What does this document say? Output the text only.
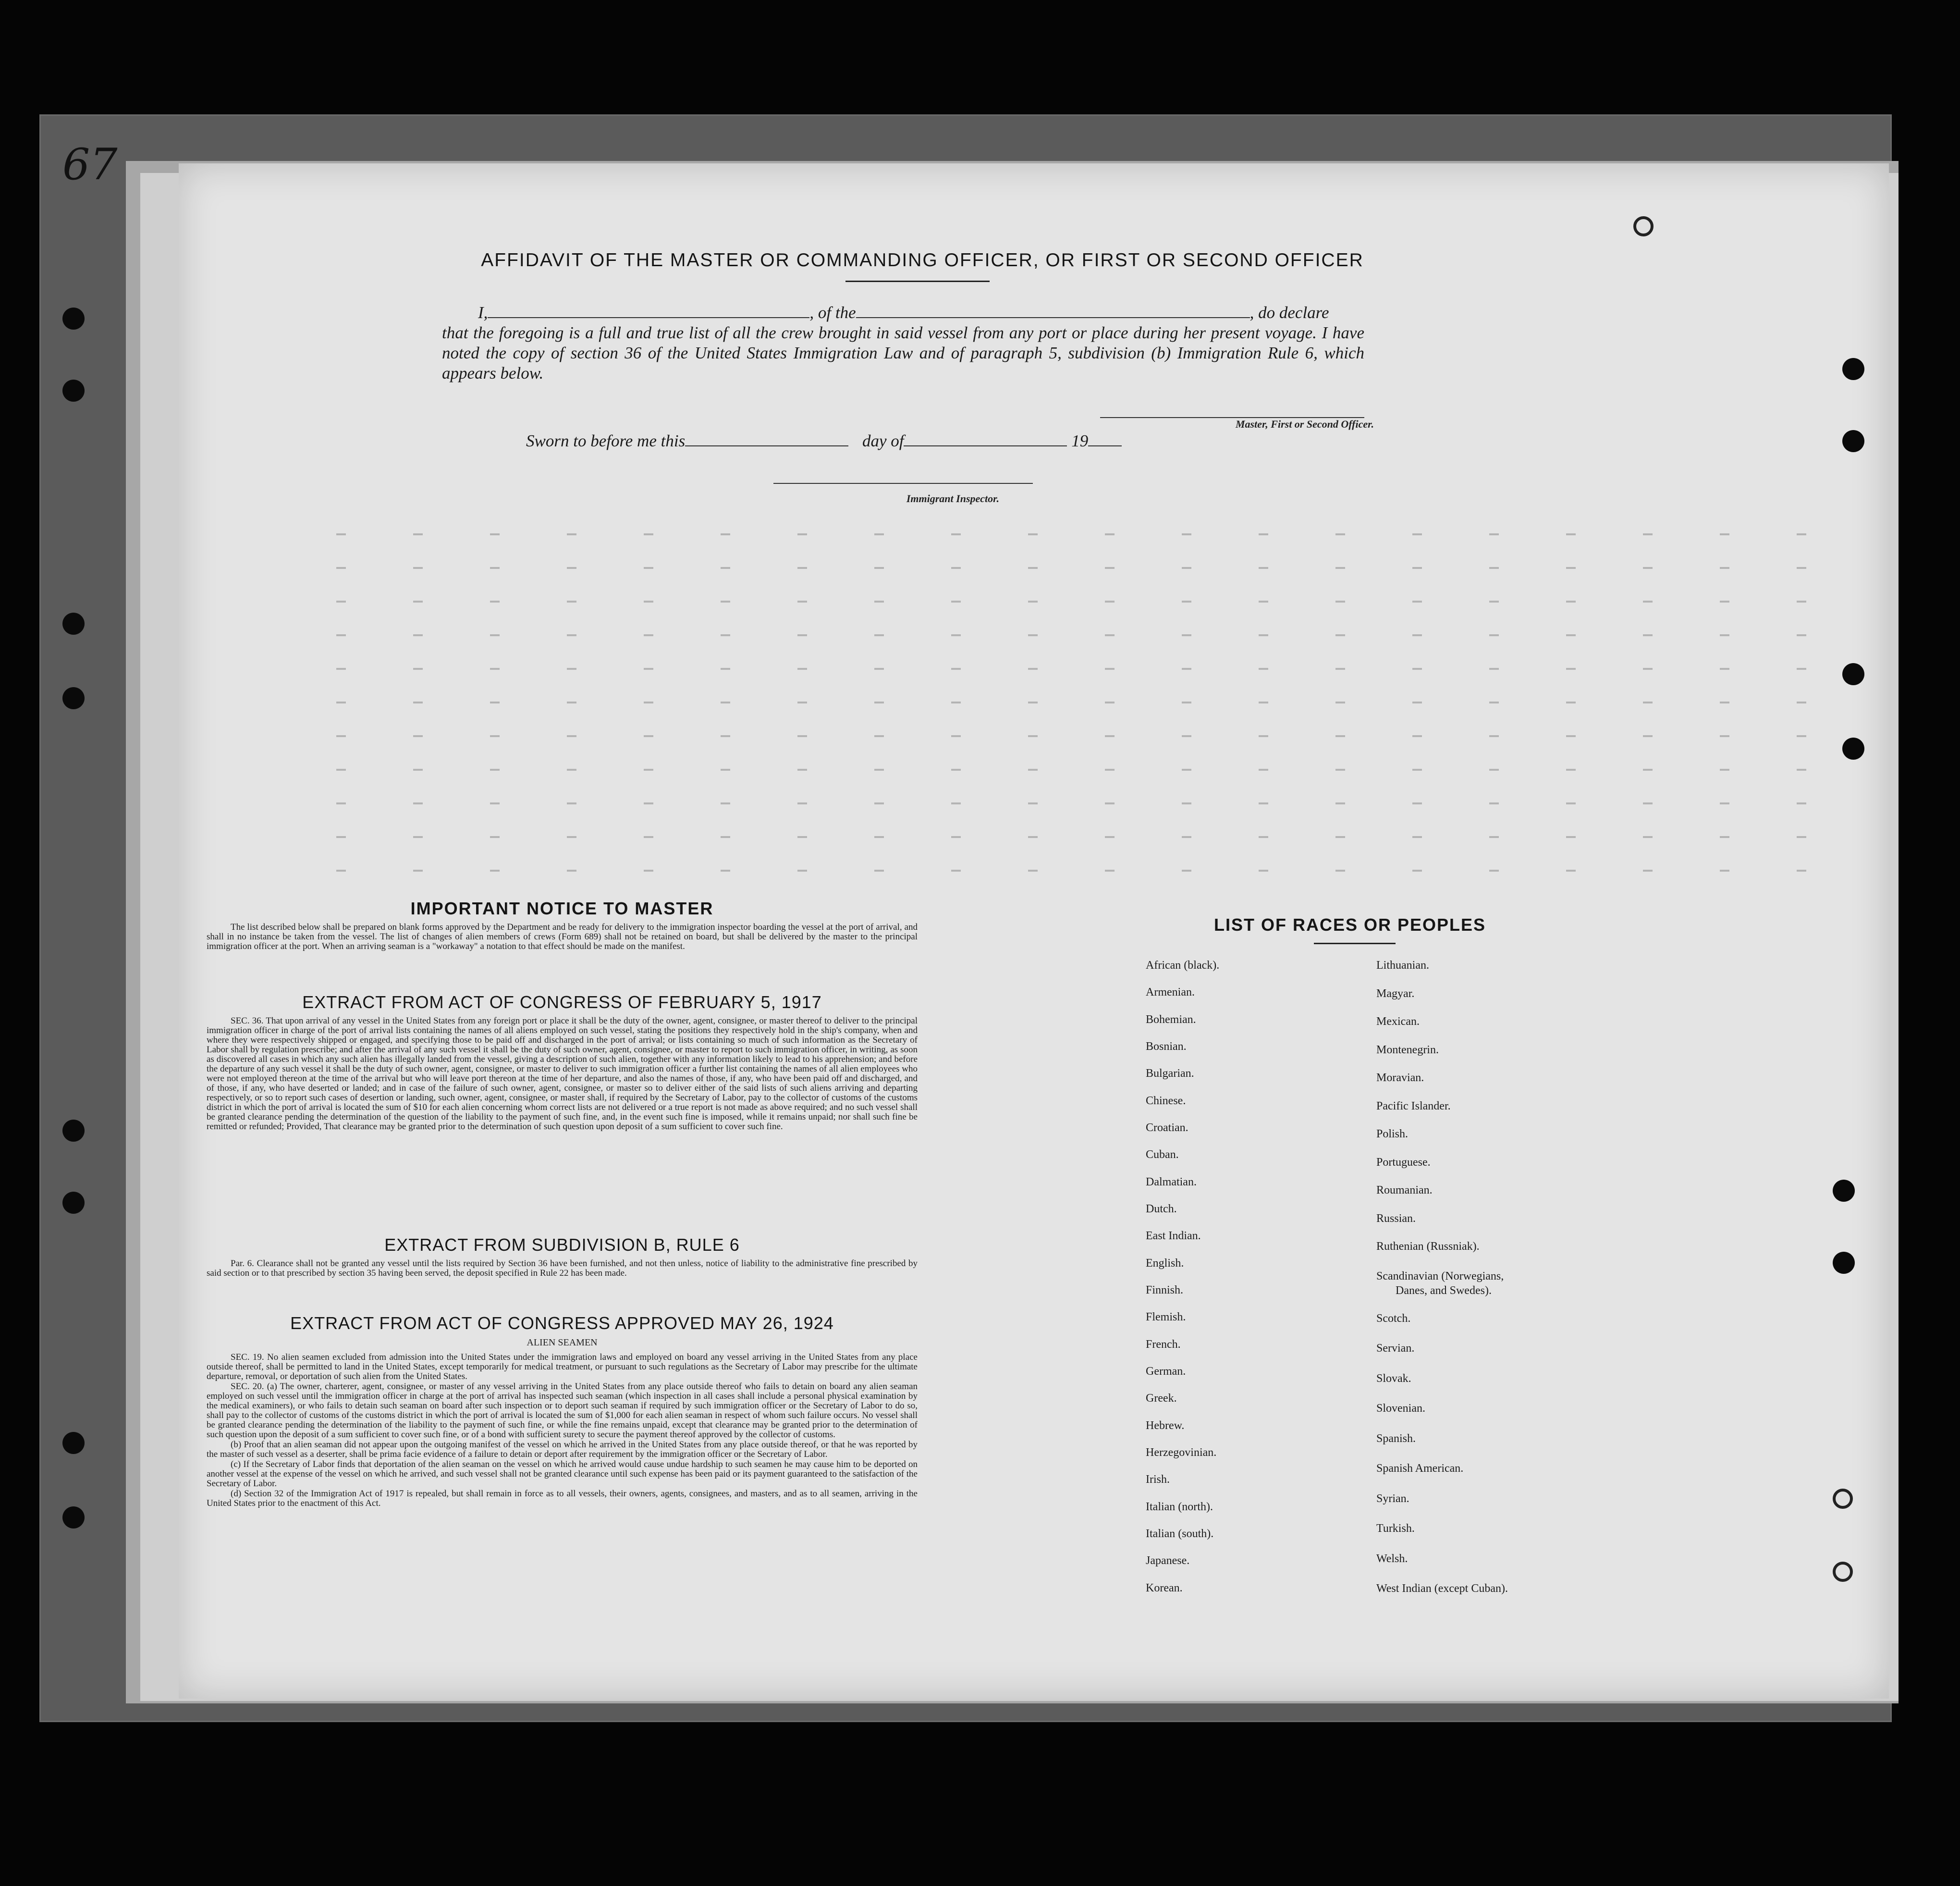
67
AFFIDAVIT OF THE MASTER OR COMMANDING OFFICER, OR FIRST OR SECOND OFFICER
I,	, of the	, do declare
that the foregoing is a full and true list of all the crew brought in said vessel from any port or place during her present voyage. I have noted the copy of section 36 of the United States Immigration Law and of paragraph 5, subdivision (b) Immigration Rule 6, which appears below.
Master, First or Second Officer.
Sworn to before me this	day of	19
Immigrant Inspector.
IMPORTANT NOTICE TO MASTER

The list described below shall be prepared on blank forms approved by the Department and be ready for delivery to the immigration inspector boarding the vessel at the port of arrival, and shall in no instance be taken from the vessel. The list of changes of alien members of crews (Form 689) shall not be retained on board, but shall be delivered by the master to the principal immigration officer at the port. When an arriving seaman is a "workaway" a notation to that effect should be made on the manifest.

EXTRACT FROM ACT OF CONGRESS OF FEBRUARY 5, 1917

SEC. 36. That upon arrival of any vessel in the United States from any foreign port or place it shall be the duty of the owner, agent, consignee, or master thereof to deliver to the principal immigration officer in charge of the port of arrival lists containing the names of all aliens employed on such vessel, stating the positions they respectively hold in the ship's company, when and where they were respectively shipped or engaged, and specifying those to be paid off and discharged in the port of arrival; or lists containing so much of such information as the Secretary of Labor shall by regulation prescribe; and after the arrival of any such vessel it shall be the duty of such owner, agent, consignee, or master to report to such immigration officer, in writing, as soon as discovered all cases in which any such alien has illegally landed from the vessel, giving a description of such alien, together with any information likely to lead to his apprehension; and before the departure of any such vessel it shall be the duty of such owner, agent, consignee, or master to deliver to such immigration officer a further list containing the names of all alien employees who were not employed thereon at the time of the arrival but who will leave port thereon at the time of her departure, and also the names of those, if any, who have been paid off and discharged, and of those, if any, who have deserted or landed; and in case of the failure of such owner, agent, consignee, or master so to deliver either of the said lists of such aliens arriving and departing respectively, or so to report such cases of desertion or landing, such owner, agent, consignee, or master shall, if required by the Secretary of Labor, pay to the collector of customs of the customs district in which the port of arrival is located the sum of $10 for each alien concerning whom correct lists are not delivered or a true report is not made as above required; and no such vessel shall be granted clearance pending the determination of the question of the liability to the payment of such fine, and, in the event such fine is imposed, while it remains unpaid; nor shall such fine be remitted or refunded; Provided, That clearance may be granted prior to the determination of such question upon deposit of a sum sufficient to cover such fine.

EXTRACT FROM SUBDIVISION B, RULE 6

Par. 6. Clearance shall not be granted any vessel until the lists required by Section 36 have been furnished, and not then unless, notice of liability to the administrative fine prescribed by said section or to that prescribed by section 35 having been served, the deposit specified in Rule 22 has been made.

EXTRACT FROM ACT OF CONGRESS APPROVED MAY 26, 1924
ALIEN SEAMEN

SEC. 19. No alien seamen excluded from admission into the United States under the immigration laws and employed on board any vessel arriving in the United States from any place outside thereof, shall be permitted to land in the United States, except temporarily for medical treatment, or pursuant to such regulations as the Secretary of Labor may prescribe for the ultimate departure, removal, or deportation of such alien from the United States.

SEC. 20. (a) The owner, charterer, agent, consignee, or master of any vessel arriving in the United States from any place outside thereof who fails to detain on board any alien seaman employed on such vessel until the immigration officer in charge at the port of arrival has inspected such seaman (which inspection in all cases shall include a personal physical examination by the medical examiners), or who fails to detain such seaman on board after such inspection or to deport such seaman if required by such immigration officer or the Secretary of Labor to do so, shall pay to the collector of customs of the customs district in which the port of arrival is located the sum of $1,000 for each alien seaman in respect of whom such failure occurs. No vessel shall be granted clearance pending the determination of the liability to the payment of such fine, or while the fine remains unpaid, except that clearance may be granted prior to the determination of such question upon the deposit of a sum sufficient to cover such fine, or of a bond with sufficient surety to secure the payment thereof approved by the collector of customs.

(b) Proof that an alien seaman did not appear upon the outgoing manifest of the vessel on which he arrived in the United States from any place outside thereof, or that he was reported by the master of such vessel as a deserter, shall be prima facie evidence of a failure to detain or deport after requirement by the immigration officer or the Secretary of Labor.

(c) If the Secretary of Labor finds that deportation of the alien seaman on the vessel on which he arrived would cause undue hardship to such seamen he may cause him to be deported on another vessel at the expense of the vessel on which he arrived, and such vessel shall not be granted clearance until such expense has been paid or its payment guaranteed to the satisfaction of the Secretary of Labor.

(d) Section 32 of the Immigration Act of 1917 is repealed, but shall remain in force as to all vessels, their owners, agents, consignees, and masters, and as to all seamen, arriving in the United States prior to the enactment of this Act.

LIST OF RACES OR PEOPLES
African (black).
Armenian.
Bohemian.
Bosnian.
Bulgarian.
Chinese.
Croatian.
Cuban.
Dalmatian.
Dutch.
East Indian.
English.
Finnish.
Flemish.
French.
German.
Greek.
Hebrew.
Herzegovinian.
Irish.
Italian (north).
Italian (south).
Japanese.
Korean.
Lithuanian.
Magyar.
Mexican.
Montenegrin.
Moravian.
Pacific Islander.
Polish.
Portuguese.
Roumanian.
Russian.
Ruthenian (Russniak).
Scandinavian (Norwegians,
Danes, and Swedes).
Scotch.
Servian.
Slovak.
Slovenian.
Spanish.
Spanish American.
Syrian.
Turkish.
Welsh.
West Indian (except Cuban).
